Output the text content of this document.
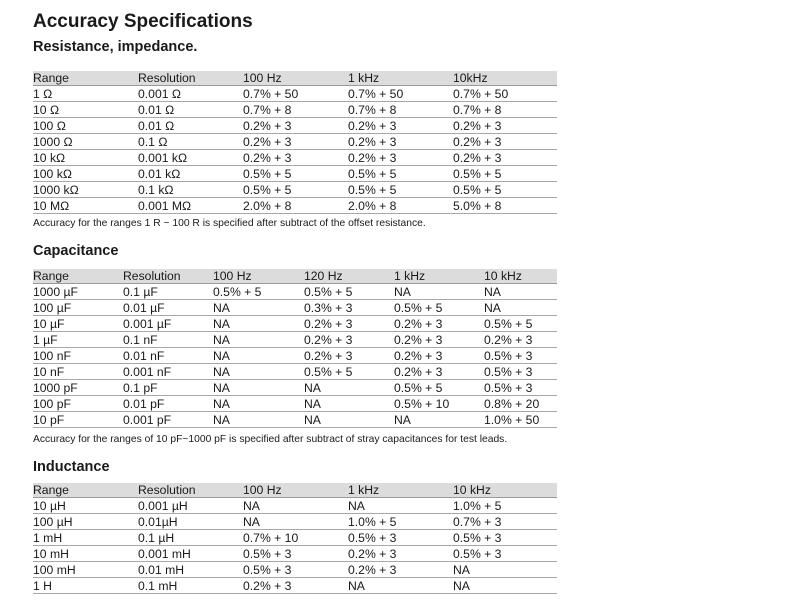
Accuracy Specifications
Resistance, impedance.
Range	Resolution	100 Hz	1 kHz	10kHz
1 Ω	0.001 Ω	0.7% + 50	0.7% + 50	0.7% + 50
10 Ω	0.01 Ω	0.7% + 8	0.7% + 8	0.7% + 8
100 Ω	0.01 Ω	0.2% + 3	0.2% + 3	0.2% + 3
1000 Ω	0.1 Ω	0.2% + 3	0.2% + 3	0.2% + 3
10 kΩ	0.001 kΩ	0.2% + 3	0.2% + 3	0.2% + 3
100 kΩ	0.01 kΩ	0.5% + 5	0.5% + 5	0.5% + 5
1000 kΩ	0.1 kΩ	0.5% + 5	0.5% + 5	0.5% + 5
10 MΩ	0.001 MΩ	2.0% + 8	2.0% + 8	5.0% + 8

Accuracy for the ranges 1 R ~ 100 R is specified after subtract of the offset resistance.

Capacitance
Range	Resolution	100 Hz	120 Hz	1 kHz	10 kHz
1000 µF	0.1 µF	0.5% + 5	0.5% + 5	NA	NA
100 µF	0.01 µF	NA	0.3% + 3	0.5% + 5	NA
10 µF	0.001 µF	NA	0.2% + 3	0.2% + 3	0.5% + 5
1 µF	0.1 nF	NA	0.2% + 3	0.2% + 3	0.2% + 3
100 nF	0.01 nF	NA	0.2% + 3	0.2% + 3	0.5% + 3
10 nF	0.001 nF	NA	0.5% + 5	0.2% + 3	0.5% + 3
1000 pF	0.1 pF	NA	NA	0.5% + 5	0.5% + 3
100 pF	0.01 pF	NA	NA	0.5% + 10	0.8% + 20
10 pF	0.001 pF	NA	NA	NA	1.0% + 50

Accuracy for the ranges of 10 pF~1000 pF is specified after subtract of stray capacitances for test leads.

Inductance
Range	Resolution	100 Hz	1 kHz	10 kHz
10 µH	0.001 µH	NA	NA	1.0% + 5
100 µH	0.01µH	NA	1.0% + 5	0.7% + 3
1 mH	0.1 µH	0.7% + 10	0.5% + 3	0.5% + 3
10 mH	0.001 mH	0.5% + 3	0.2% + 3	0.5% + 3
100 mH	0.01 mH	0.5% + 3	0.2% + 3	NA
1 H	0.1 mH	0.2% + 3	NA	NA
